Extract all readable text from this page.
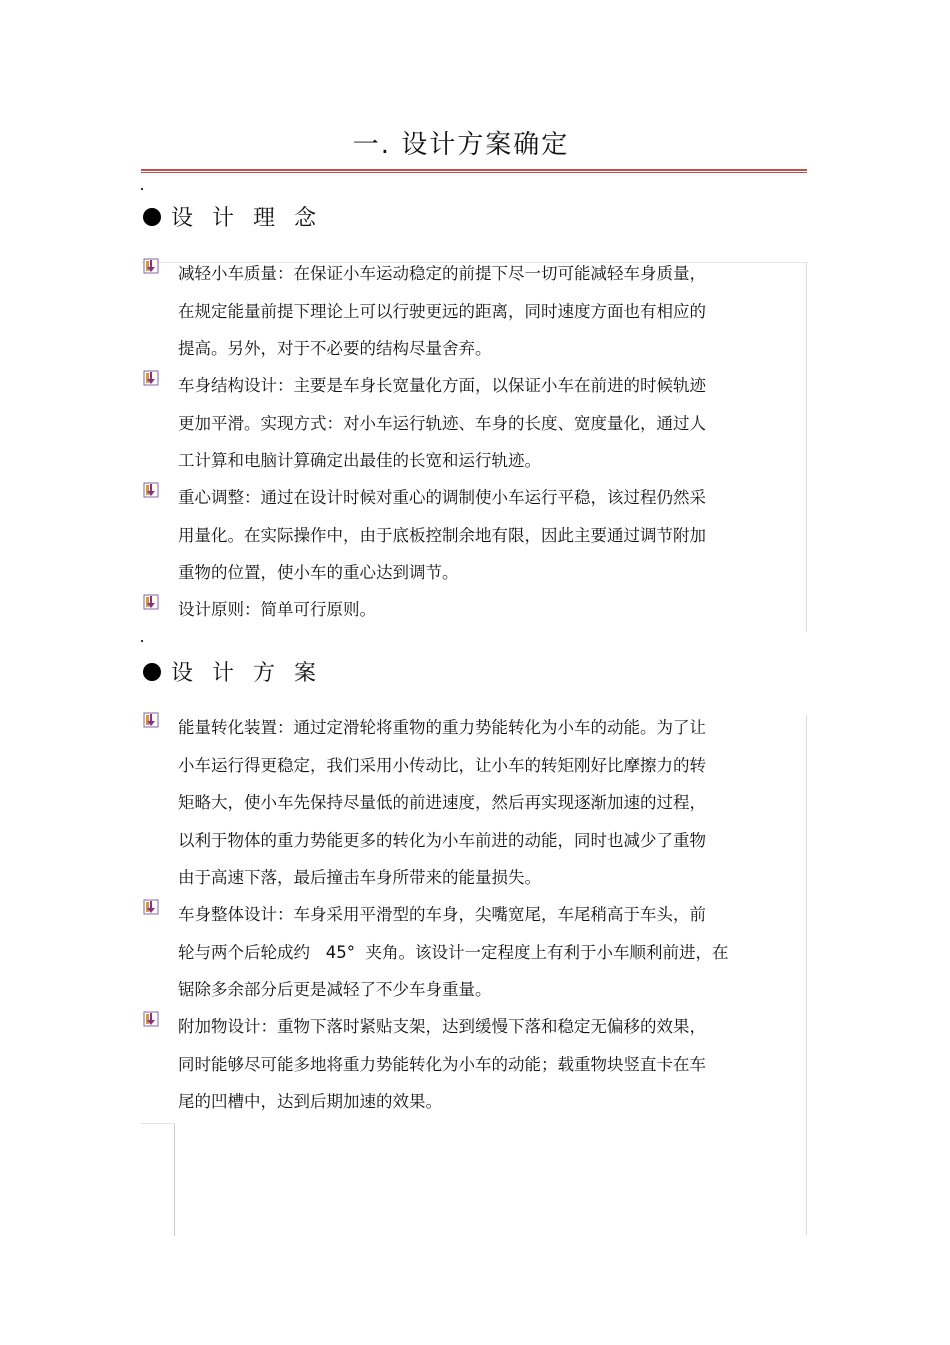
一. 设计方案确定
设 计 理 念
减轻小车质量：在保证小车运动稳定的前提下尽一切可能减轻车身质量，
在规定能量前提下理论上可以行驶更远的距离，同时速度方面也有相应的
提高。另外，对于不必要的结构尽量舍弃。
车身结构设计：主要是车身长宽量化方面，以保证小车在前进的时候轨迹
更加平滑。实现方式：对小车运行轨迹、车身的长度、宽度量化，通过人
工计算和电脑计算确定出最佳的长宽和运行轨迹。
重心调整：通过在设计时候对重心的调制使小车运行平稳，该过程仍然采
用量化。在实际操作中，由于底板控制余地有限，因此主要通过调节附加
重物的位置，使小车的重心达到调节。
设计原则：简单可行原则。
设 计 方 案
能量转化装置：通过定滑轮将重物的重力势能转化为小车的动能。为了让
小车运行得更稳定，我们采用小传动比，让小车的转矩刚好比摩擦力的转
矩略大，使小车先保持尽量低的前进速度，然后再实现逐渐加速的过程，
以利于物体的重力势能更多的转化为小车前进的动能，同时也减少了重物
由于高速下落，最后撞击车身所带来的能量损失。
车身整体设计：车身采用平滑型的车身，尖嘴宽尾，车尾稍高于车头，前
轮与两个后轮成约   45°  夹角。该设计一定程度上有利于小车顺利前进，在
锯除多余部分后更是减轻了不少车身重量。
附加物设计：重物下落时紧贴支架，达到缓慢下落和稳定无偏移的效果，
同时能够尽可能多地将重力势能转化为小车的动能；载重物块竖直卡在车
尾的凹槽中，达到后期加速的效果。
